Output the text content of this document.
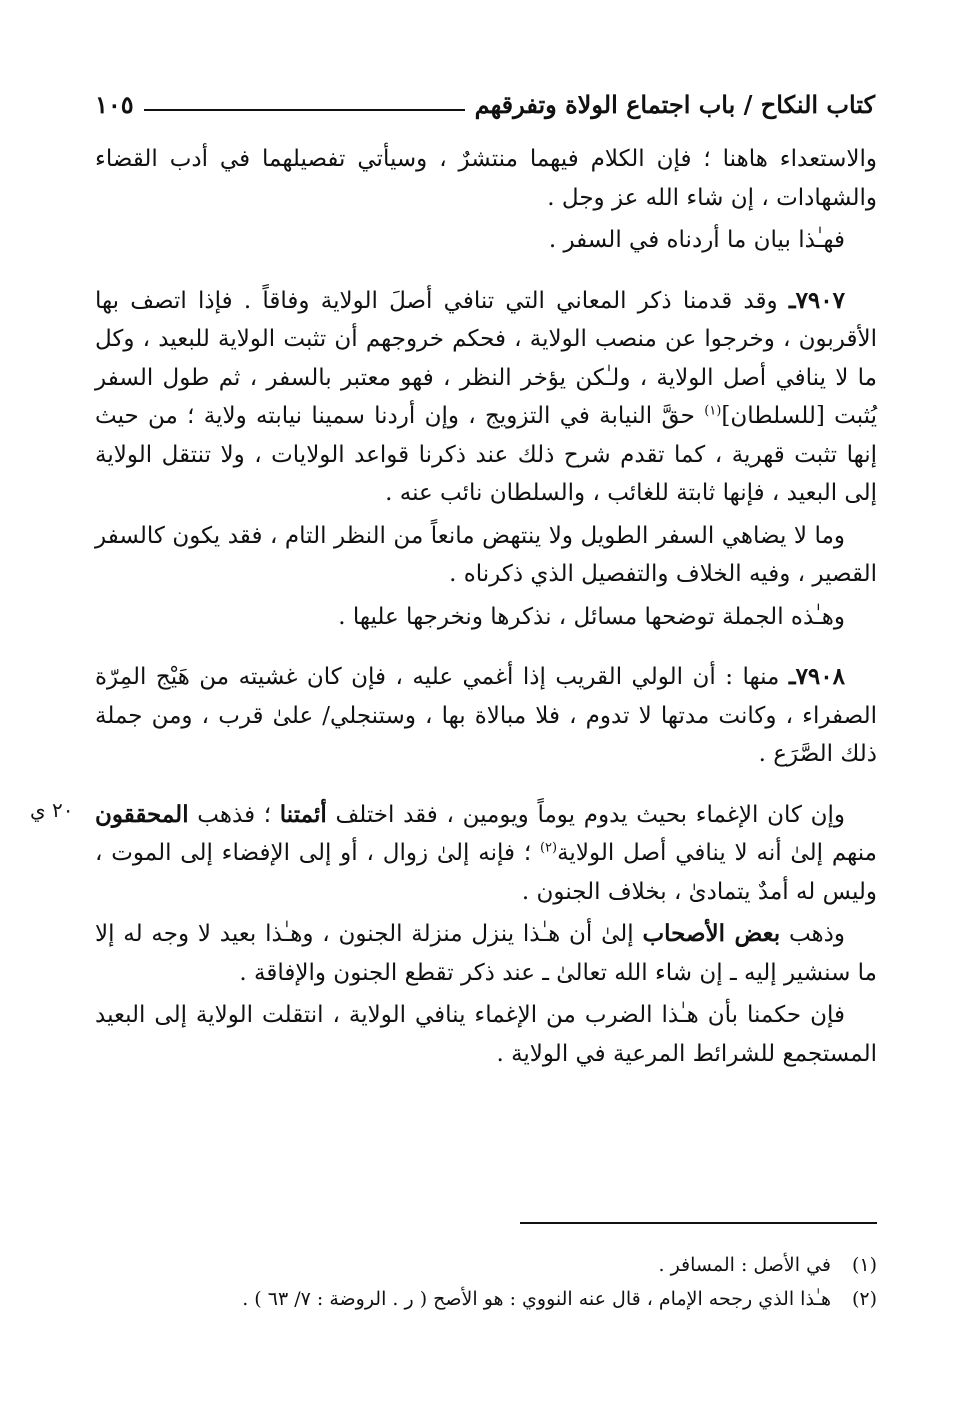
كتاب النكاح / باب اجتماع الولاة وتفرقهم
١٠٥

والاستعداء هاهنا ؛ فإن الكلام فيهما منتشرٌ ، وسيأتي تفصيلهما في أدب القضاء والشهادات ، إن شاء الله عز وجل .

فهـٰذا بيان ما أردناه في السفر .

٧٩٠٧ـ وقد قدمنا ذكر المعاني التي تنافي أصلَ الولاية وفاقاً . فإذا اتصف بها الأقربون ، وخرجوا عن منصب الولاية ، فحكم خروجهم أن تثبت الولاية للبعيد ، وكل ما لا ينافي أصل الولاية ، ولـٰكن يؤخر النظر ، فهو معتبر بالسفر ، ثم طول السفر يُثبت [للسلطان]$^{(١)}$ حقَّ النيابة في التزويج ، وإن أردنا سمينا نيابته ولاية ؛ من حيث إنها تثبت قهرية ، كما تقدم شرح ذلك عند ذكرنا قواعد الولايات ، ولا تنتقل الولاية إلى البعيد ، فإنها ثابتة للغائب ، والسلطان نائب عنه .

وما لا يضاهي السفر الطويل ولا ينتهض مانعاً من النظر التام ، فقد يكون كالسفر القصير ، وفيه الخلاف والتفصيل الذي ذكرناه .

وهـٰذه الجملة توضحها مسائل ، نذكرها ونخرجها عليها .

٧٩٠٨ـ منها : أن الولي القريب إذا أغمي عليه ، فإن كان غشيته من هَيْج المِرّة الصفراء ، وكانت مدتها لا تدوم ، فلا مبالاة بها ، وستنجلي/ علىٰ قرب ، ومن جملة ذلك الصَّرَع .

وإن كان الإغماء بحيث يدوم يوماً ويومين ، فقد اختلف أئمتنا ؛ فذهب المحققون منهم إلىٰ أنه لا ينافي أصل الولاية$^{(٢)}$ ؛ فإنه إلىٰ زوال ، أو إلى الإفضاء إلى الموت ، وليس له أمدٌ يتمادىٰ ، بخلاف الجنون .

وذهب بعض الأصحاب إلىٰ أن هـٰذا ينزل منزلة الجنون ، وهـٰذا بعيد لا وجه له إلا ما سنشير إليه ـ إن شاء الله تعالىٰ ـ عند ذكر تقطع الجنون والإفاقة .

فإن حكمنا بأن هـٰذا الضرب من الإغماء ينافي الولاية ، انتقلت الولاية إلى البعيد المستجمع للشرائط المرعية في الولاية .

٢٠ ي

(١)في الأصل : المسافر .

(٢)هـٰذا الذي رجحه الإمام ، قال عنه النووي : هو الأصح ( ر . الروضة : ٧/ ٦٣ ) .
